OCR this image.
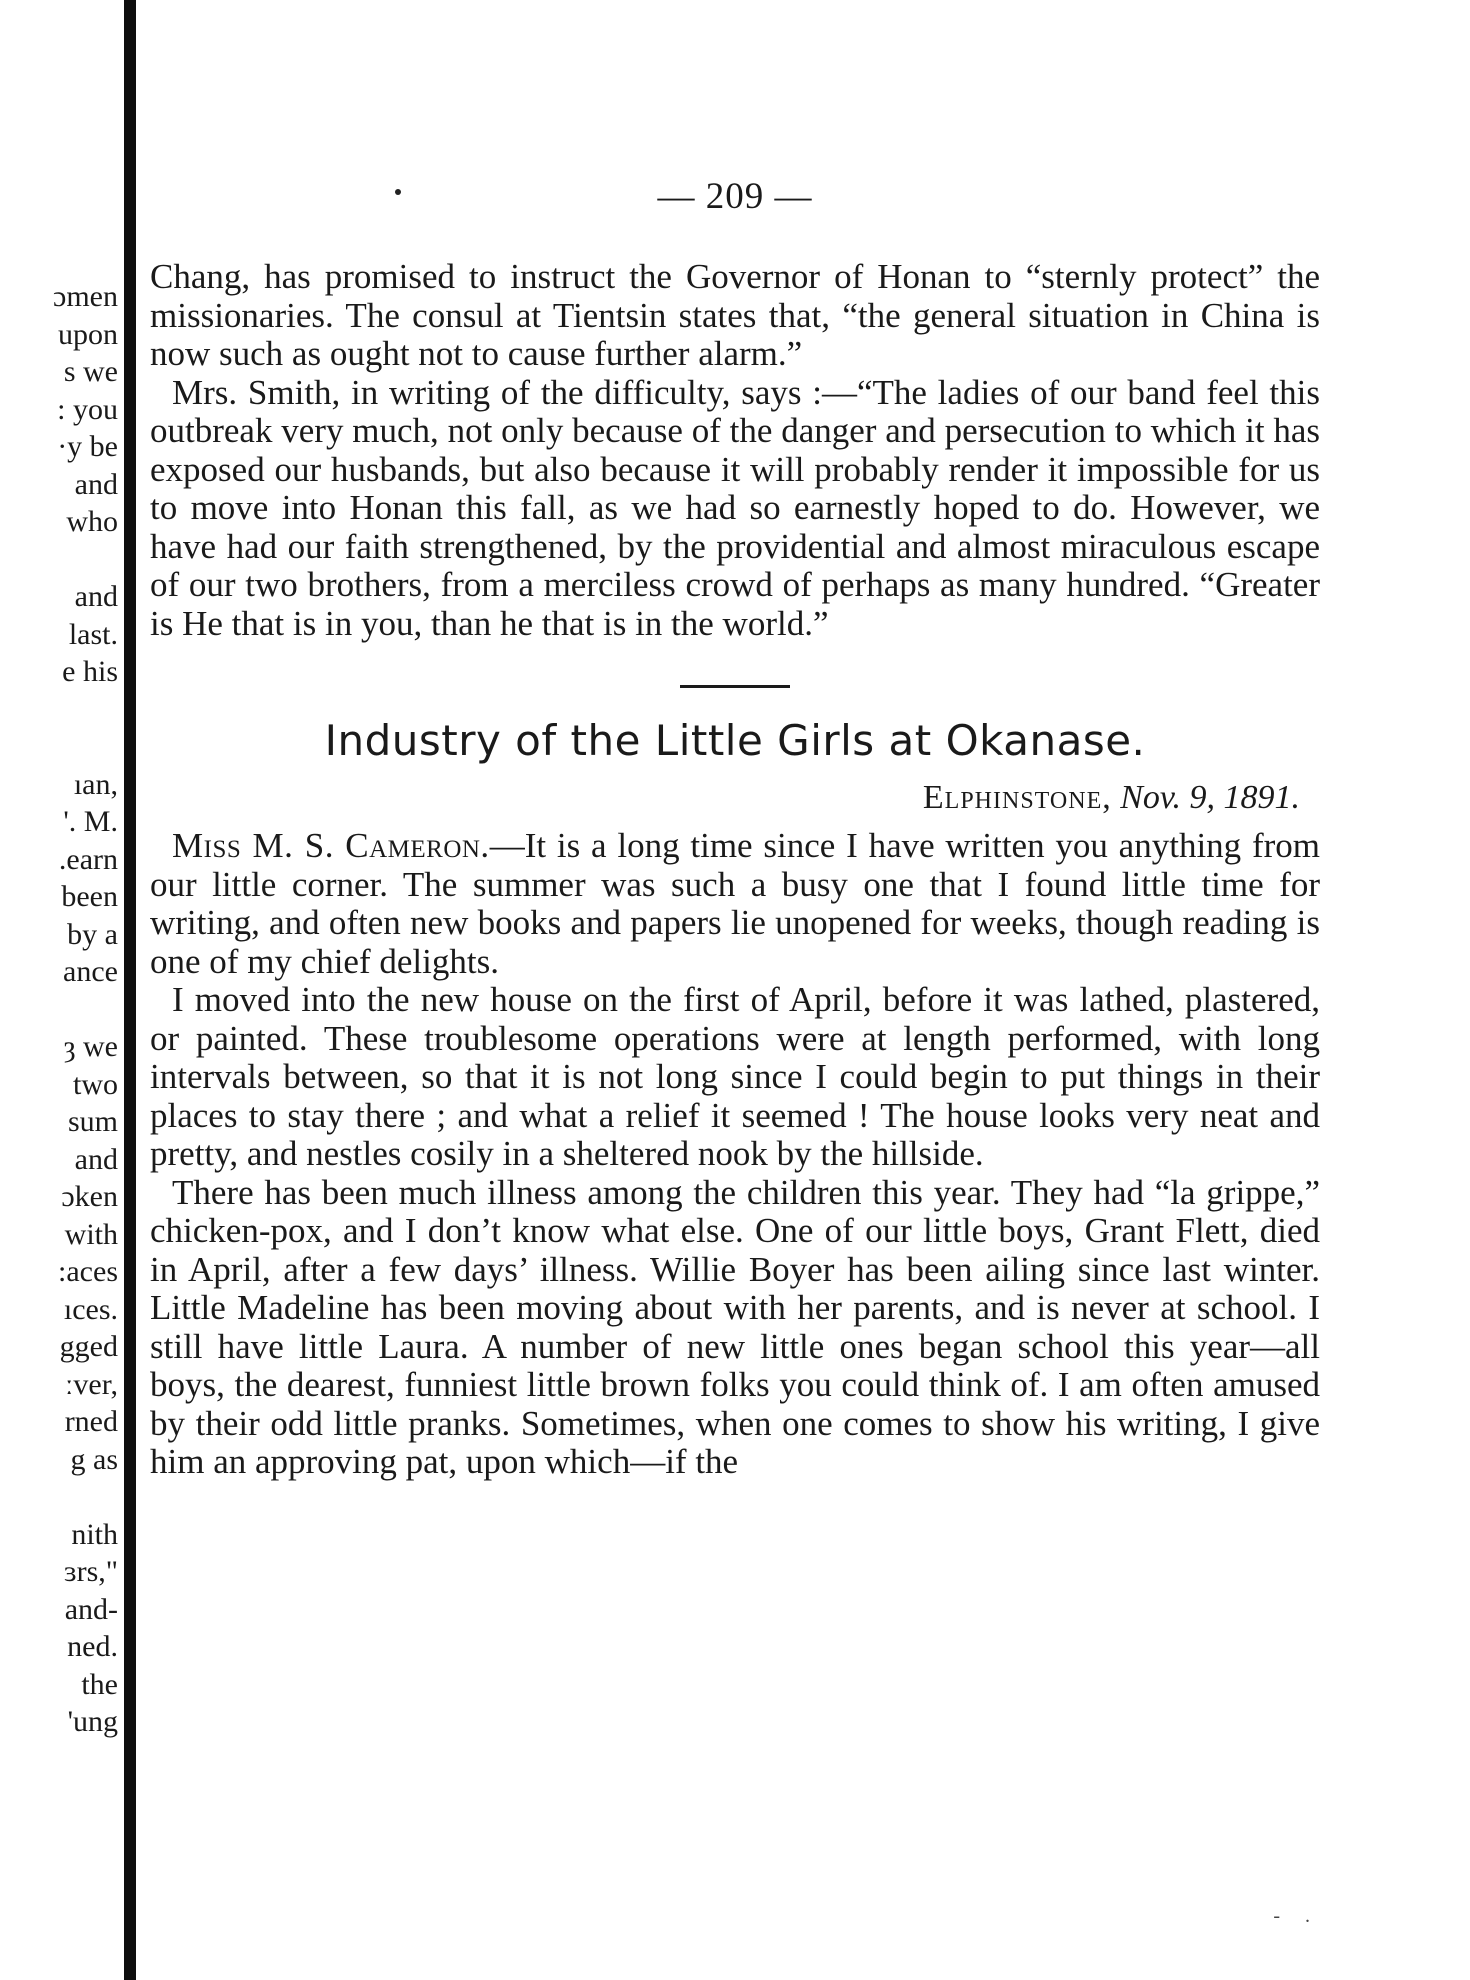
ɔmen
upon
s we
: you
·y be
and
who
and
last.
e his
ıan,
'. M.
.earn
been
by a
ance
ȝ we
two
sum
and
ɔken
with
:aces
ıces.
gged
ːver,
rned
g as
nith
ɜrs,"
and-
ned.
the
'ung
— 209 —

Chang, has promised to instruct the Governor of Honan to “sternly protect” the missionaries. The consul at Tientsin states that, “the general situation in China is now such as ought not to cause further alarm.”

Mrs. Smith, in writing of the difficulty, says :—“The ladies of our band feel this outbreak very much, not only because of the danger and persecution to which it has exposed our husbands, but also because it will probably render it impossible for us to move into Honan this fall, as we had so earnestly hoped to do. However, we have had our faith strengthened, by the providential and almost miraculous escape of our two brothers, from a merciless crowd of perhaps as many hundred. “Greater is He that is in you, than he that is in the world.”

Industry of the Little Girls at Okanase.
Elphinstone, Nov. 9, 1891.

Miss M. S. Cameron.—It is a long time since I have written you anything from our little corner. The summer was such a busy one that I found little time for writing, and often new books and papers lie unopened for weeks, though reading is one of my chief delights.

I moved into the new house on the first of April, before it was lathed, plastered, or painted. These troublesome operations were at length performed, with long intervals between, so that it is not long since I could begin to put things in their places to stay there ; and what a relief it seemed ! The house looks very neat and pretty, and nestles cosily in a sheltered nook by the hillside.

There has been much illness among the children this year. They had “la grippe,” chicken-pox, and I don’t know what else. One of our little boys, Grant Flett, died in April, after a few days’ illness. Willie Boyer has been ailing since last winter. Little Madeline has been moving about with her parents, and is never at school. I still have little Laura. A number of new little ones began school this year—all boys, the dearest, funniest little brown folks you could think of. I am often amused by their odd little pranks. Sometimes, when one comes to show his writing, I give him an approving pat, upon which—if the

- .
